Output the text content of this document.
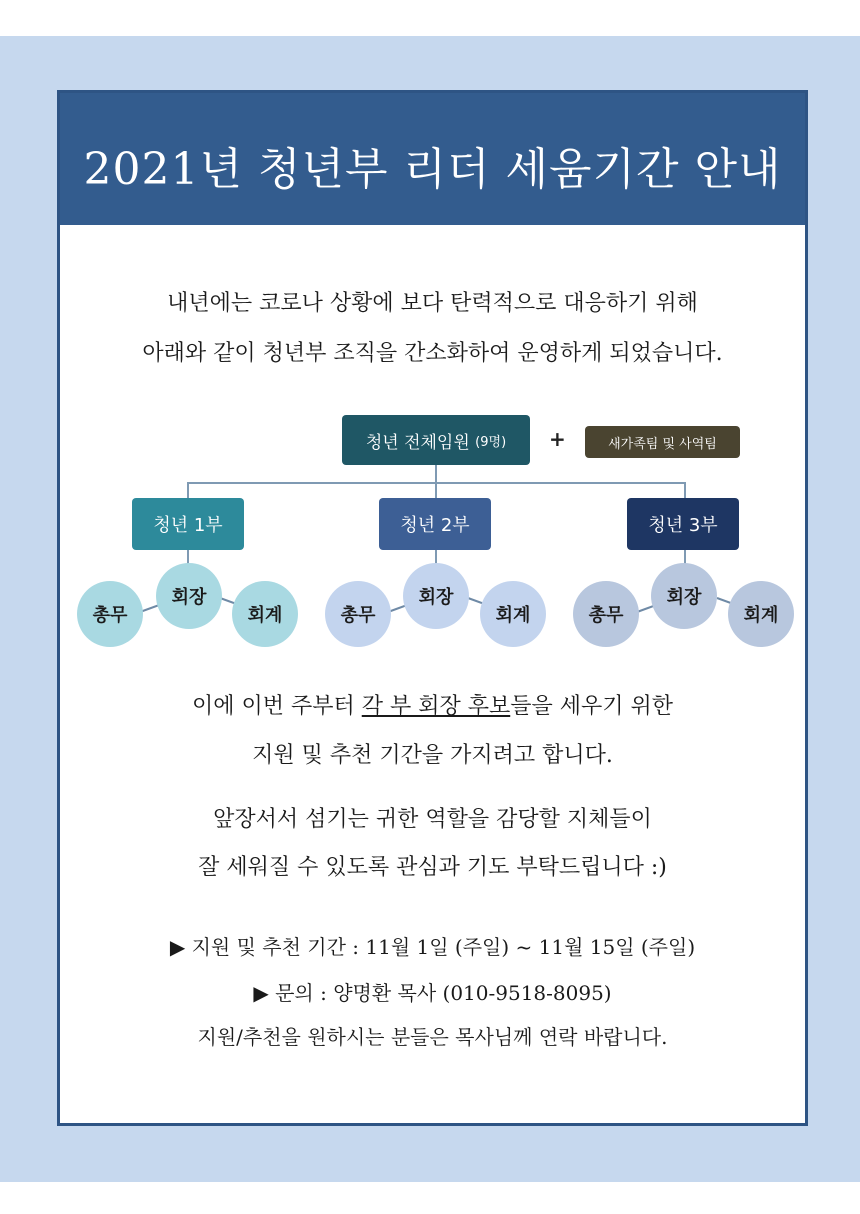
2021년 청년부 리더 세움기간 안내
내년에는 코로나 상황에 보다 탄력적으로 대응하기 위해
아래와 같이 청년부 조직을 간소화하여 운영하게 되었습니다.
청년 전체임원
(9명) +	새가족팀 및 사역팀
청년 1부	청년 2부	청년 3부
총무
회장
회계	총무
회장
회계	총무
회장
회계
이에 이번 주부터 각 부 회장 후보들을 세우기 위한
지원 및 추천 기간을 가지려고 합니다.
앞장서서 섬기는 귀한 역할을 감당할 지체들이
잘 세워질 수 있도록 관심과 기도 부탁드립니다 :)
▶ 지원 및 추천 기간 : 11월 1일 (주일) ~ 11월 15일 (주일)
▶ 문의 : 양명환 목사 (010-9518-8095)
지원/추천을 원하시는 분들은 목사님께 연락 바랍니다.
